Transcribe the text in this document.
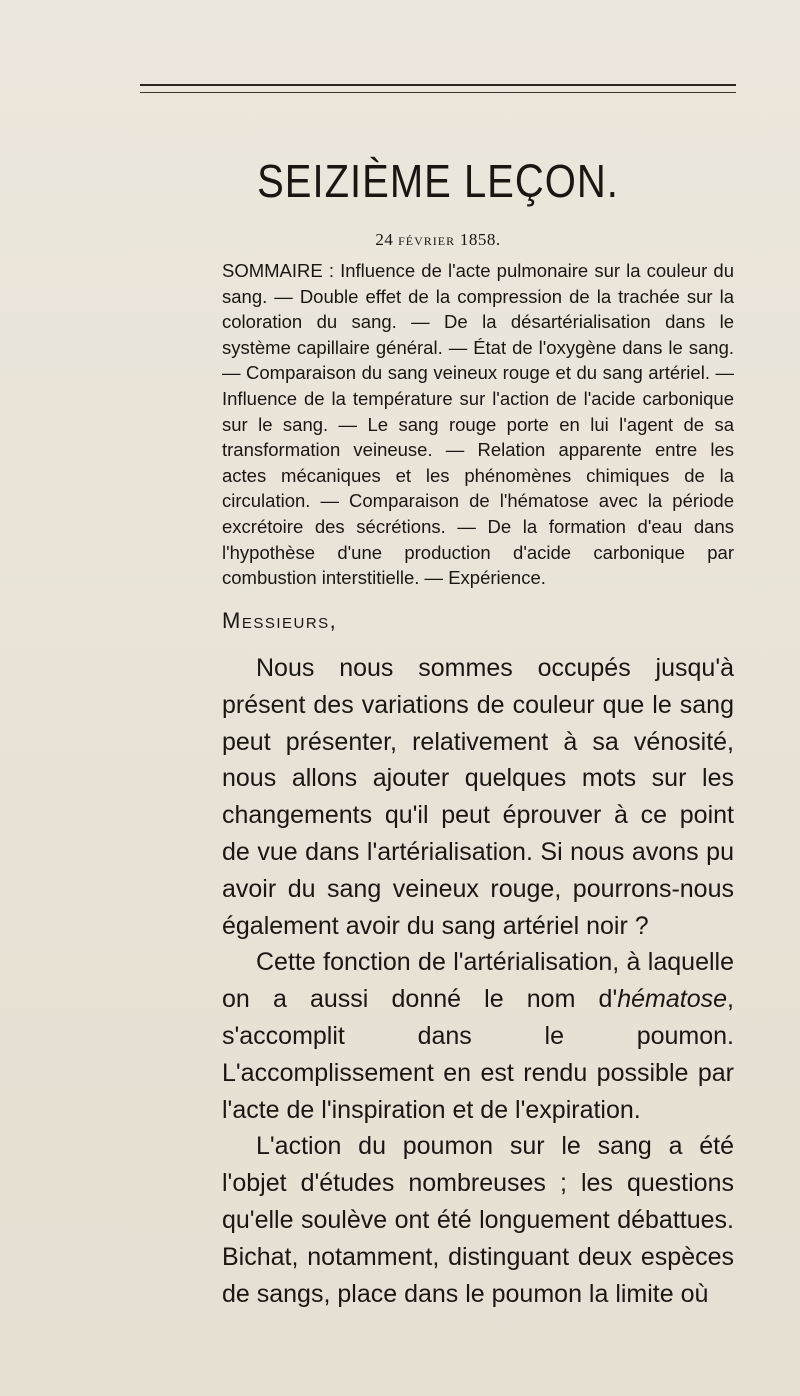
SEIZIÈME LEÇON.
24 FÉVRIER 1858.
SOMMAIRE : Influence de l'acte pulmonaire sur la couleur du sang. — Double effet de la compression de la trachée sur la coloration du sang. — De la désartérialisation dans le système capillaire général. — État de l'oxygène dans le sang. — Comparaison du sang veineux rouge et du sang artériel. — Influence de la température sur l'action de l'acide carbonique sur le sang. — Le sang rouge porte en lui l'agent de sa transformation veineuse. — Relation apparente entre les actes mécaniques et les phénomènes chimiques de la circulation. — Comparaison de l'hématose avec la période excrétoire des sécrétions. — De la formation d'eau dans l'hypothèse d'une production d'acide carbonique par combustion interstitielle. — Expérience.
Messieurs,

Nous nous sommes occupés jusqu'à présent des variations de couleur que le sang peut présenter, relativement à sa vénosité, nous allons ajouter quelques mots sur les changements qu'il peut éprouver à ce point de vue dans l'artérialisation. Si nous avons pu avoir du sang veineux rouge, pourrons-nous également avoir du sang artériel noir ?

Cette fonction de l'artérialisation, à laquelle on a aussi donné le nom d'hématose, s'accomplit dans le poumon. L'accomplissement en est rendu possible par l'acte de l'inspiration et de l'expiration.

L'action du poumon sur le sang a été l'objet d'études nombreuses ; les questions qu'elle soulève ont été longuement débattues. Bichat, notamment, distinguant deux espèces de sangs, place dans le poumon la limite où
